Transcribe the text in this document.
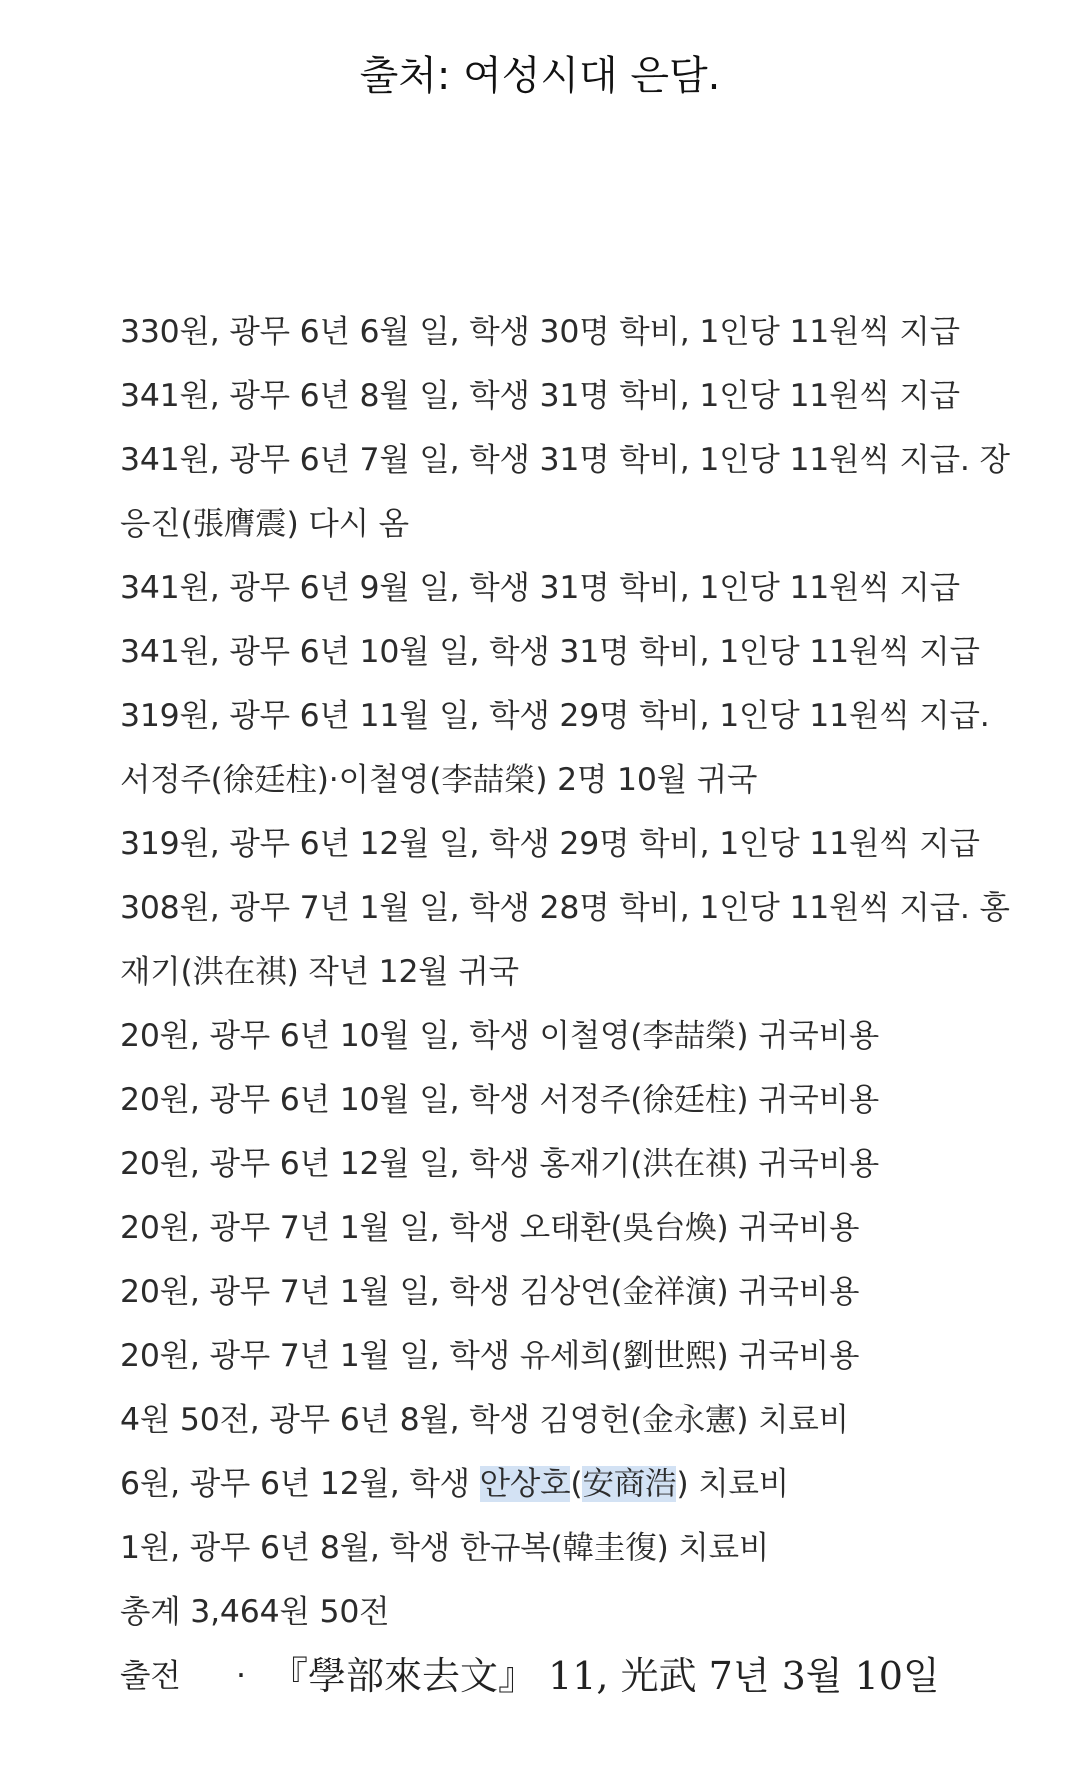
출처: 여성시대 은담.
330원, 광무 6년 6월 일, 학생 30명 학비, 1인당 11원씩 지급
341원, 광무 6년 8월 일, 학생 31명 학비, 1인당 11원씩 지급
341원, 광무 6년 7월 일, 학생 31명 학비, 1인당 11원씩 지급. 장
응진(張膺震) 다시 옴
341원, 광무 6년 9월 일, 학생 31명 학비, 1인당 11원씩 지급
341원, 광무 6년 10월 일, 학생 31명 학비, 1인당 11원씩 지급
319원, 광무 6년 11월 일, 학생 29명 학비, 1인당 11원씩 지급.
서정주(徐廷柱)·이철영(李喆榮) 2명 10월 귀국
319원, 광무 6년 12월 일, 학생 29명 학비, 1인당 11원씩 지급
308원, 광무 7년 1월 일, 학생 28명 학비, 1인당 11원씩 지급. 홍
재기(洪在祺) 작년 12월 귀국
20원, 광무 6년 10월 일, 학생 이철영(李喆榮) 귀국비용
20원, 광무 6년 10월 일, 학생 서정주(徐廷柱) 귀국비용
20원, 광무 6년 12월 일, 학생 홍재기(洪在祺) 귀국비용
20원, 광무 7년 1월 일, 학생 오태환(吳台煥) 귀국비용
20원, 광무 7년 1월 일, 학생 김상연(金祥演) 귀국비용
20원, 광무 7년 1월 일, 학생 유세희(劉世熙) 귀국비용
4원 50전, 광무 6년 8월, 학생 김영헌(金永憲) 치료비
6원, 광무 6년 12월, 학생 안상호(安商浩) 치료비
1원, 광무 6년 8월, 학생 한규복(韓圭復) 치료비
총계 3,464원 50전
출전 · 『學部來去文』 11, 光武 7년 3월 10일
